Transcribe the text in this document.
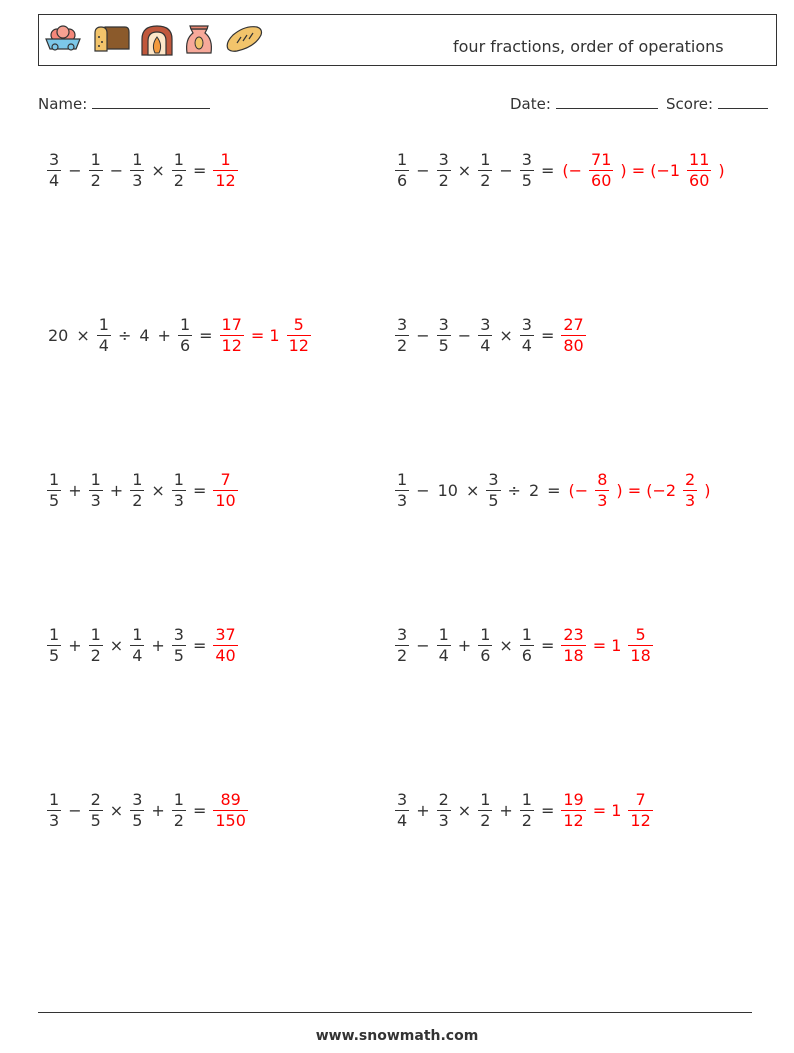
four fractions, order of operations
Name:	Date:	Score:
$\frac{3}{4} - \frac{1}{2} - \frac{1}{3} \times \frac{1}{2} = \frac{1}{12}$	$\frac{1}{6} - \frac{3}{2} \times \frac{1}{2} - \frac{3}{5}$ = (− $\frac{71}{60}$ ) = ($-1 \frac{11}{60}$ )
$20 \times \frac{1}{4} \div 4 + \frac{1}{6} = \frac{17}{12} = 1 \frac{5}{12}$	$\frac{3}{2} - \frac{3}{5} - \frac{3}{4} \times \frac{3}{4} = \frac{27}{80}$
$\frac{1}{5} + \frac{1}{3} + \frac{1}{2} \times \frac{1}{3} = \frac{7}{10}$	$\frac{1}{3} - 10 \times \frac{3}{5} \div 2$ = (− $\frac{8}{3}$ ) = ($-2 \frac{2}{3}$ )
$\frac{1}{5} + \frac{1}{2} \times \frac{1}{4} + \frac{3}{5} = \frac{37}{40}$	$\frac{3}{2} - \frac{1}{4} + \frac{1}{6} \times \frac{1}{6} = \frac{23}{18} = 1 \frac{5}{18}$
$\frac{1}{3} - \frac{2}{5} \times \frac{3}{5} + \frac{1}{2} = \frac{89}{150}$	$\frac{3}{4} + \frac{2}{3} \times \frac{1}{2} + \frac{1}{2} = \frac{19}{12} = 1 \frac{7}{12}$
www.snowmath.com
